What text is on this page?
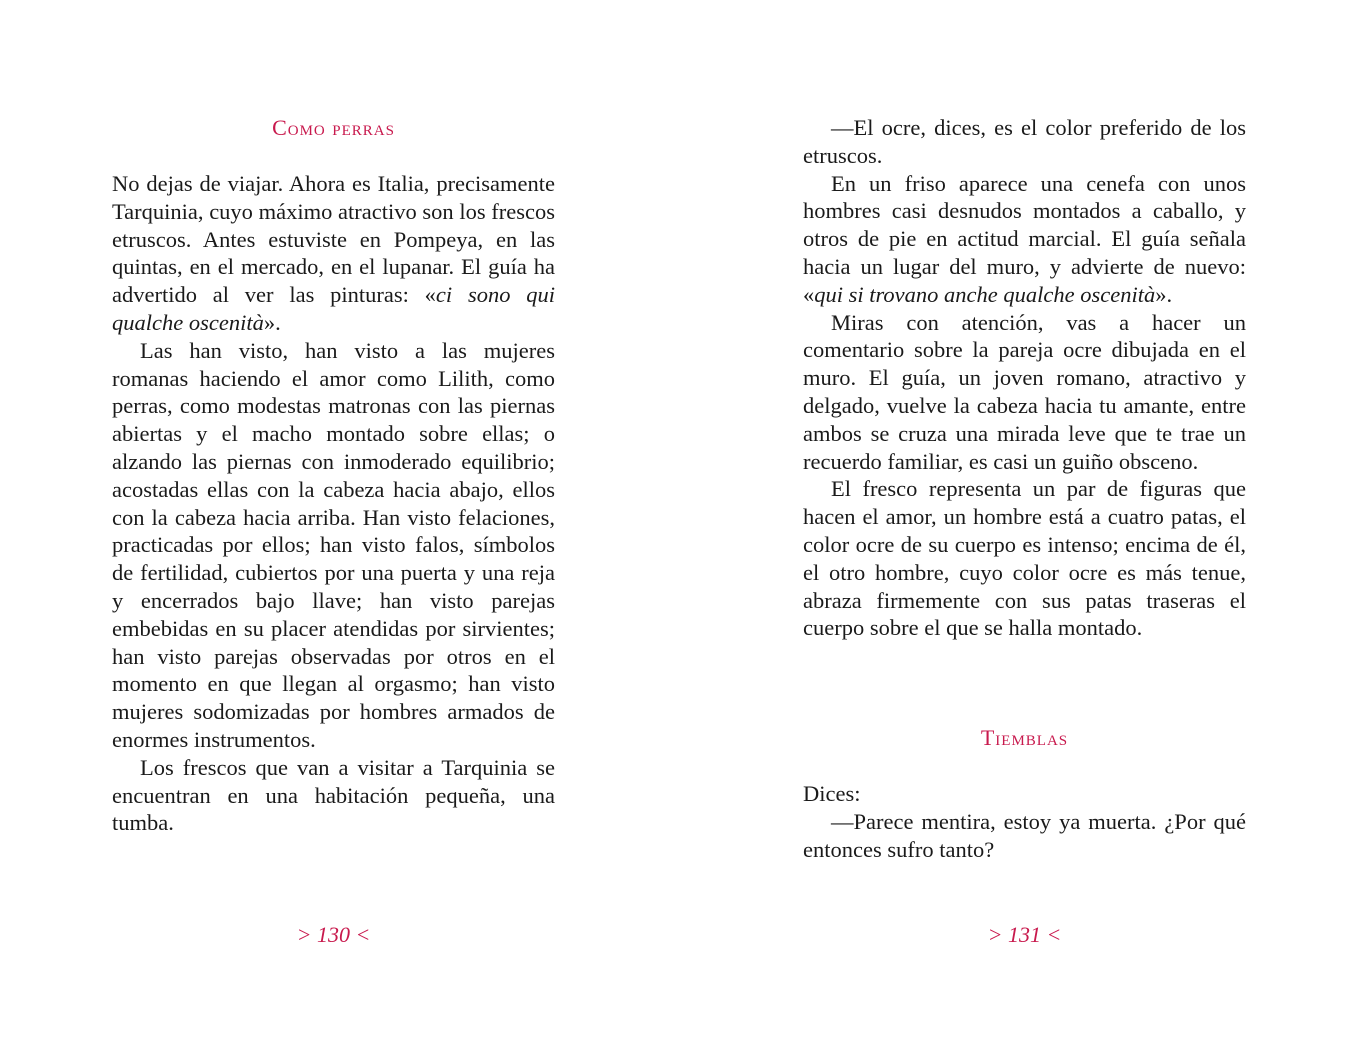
Como perras

No dejas de viajar. Ahora es Italia, precisamente Tarquinia, cuyo máximo atractivo son los frescos etruscos. Antes estuviste en Pompeya, en las quintas, en el mercado, en el lupanar. El guía ha advertido al ver las pinturas: «ci sono qui qualche oscenità».

Las han visto, han visto a las mujeres romanas haciendo el amor como Lilith, como perras, como modestas matronas con las piernas abiertas y el macho montado sobre ellas; o alzando las piernas con inmoderado equilibrio; acostadas ellas con la cabeza hacia abajo, ellos con la cabeza hacia arriba. Han visto felaciones, practicadas por ellos; han visto falos, símbolos de fertilidad, cubiertos por una puerta y una reja y encerrados bajo llave; han visto parejas embebidas en su placer atendidas por sirvientes; han visto parejas observadas por otros en el momento en que llegan al orgasmo; han visto mujeres sodomizadas por hombres armados de enormes instrumentos.

Los frescos que van a visitar a Tarquinia se encuentran en una habitación pequeña, una tumba.

> 130 <

—El ocre, dices, es el color preferido de los etruscos.

En un friso aparece una cenefa con unos hombres casi desnudos montados a caballo, y otros de pie en actitud marcial. El guía señala hacia un lugar del muro, y advierte de nuevo: «qui si trovano anche qualche oscenità».

Miras con atención, vas a hacer un comentario sobre la pareja ocre dibujada en el muro. El guía, un joven romano, atractivo y delgado, vuelve la cabeza hacia tu amante, entre ambos se cruza una mirada leve que te trae un recuerdo familiar, es casi un guiño obsceno.

El fresco representa un par de figuras que hacen el amor, un hombre está a cuatro patas, el color ocre de su cuerpo es intenso; encima de él, el otro hombre, cuyo color ocre es más tenue, abraza firmemente con sus patas traseras el cuerpo sobre el que se halla montado.

Tiemblas

Dices:

—Parece mentira, estoy ya muerta. ¿Por qué entonces sufro tanto?

> 131 <
